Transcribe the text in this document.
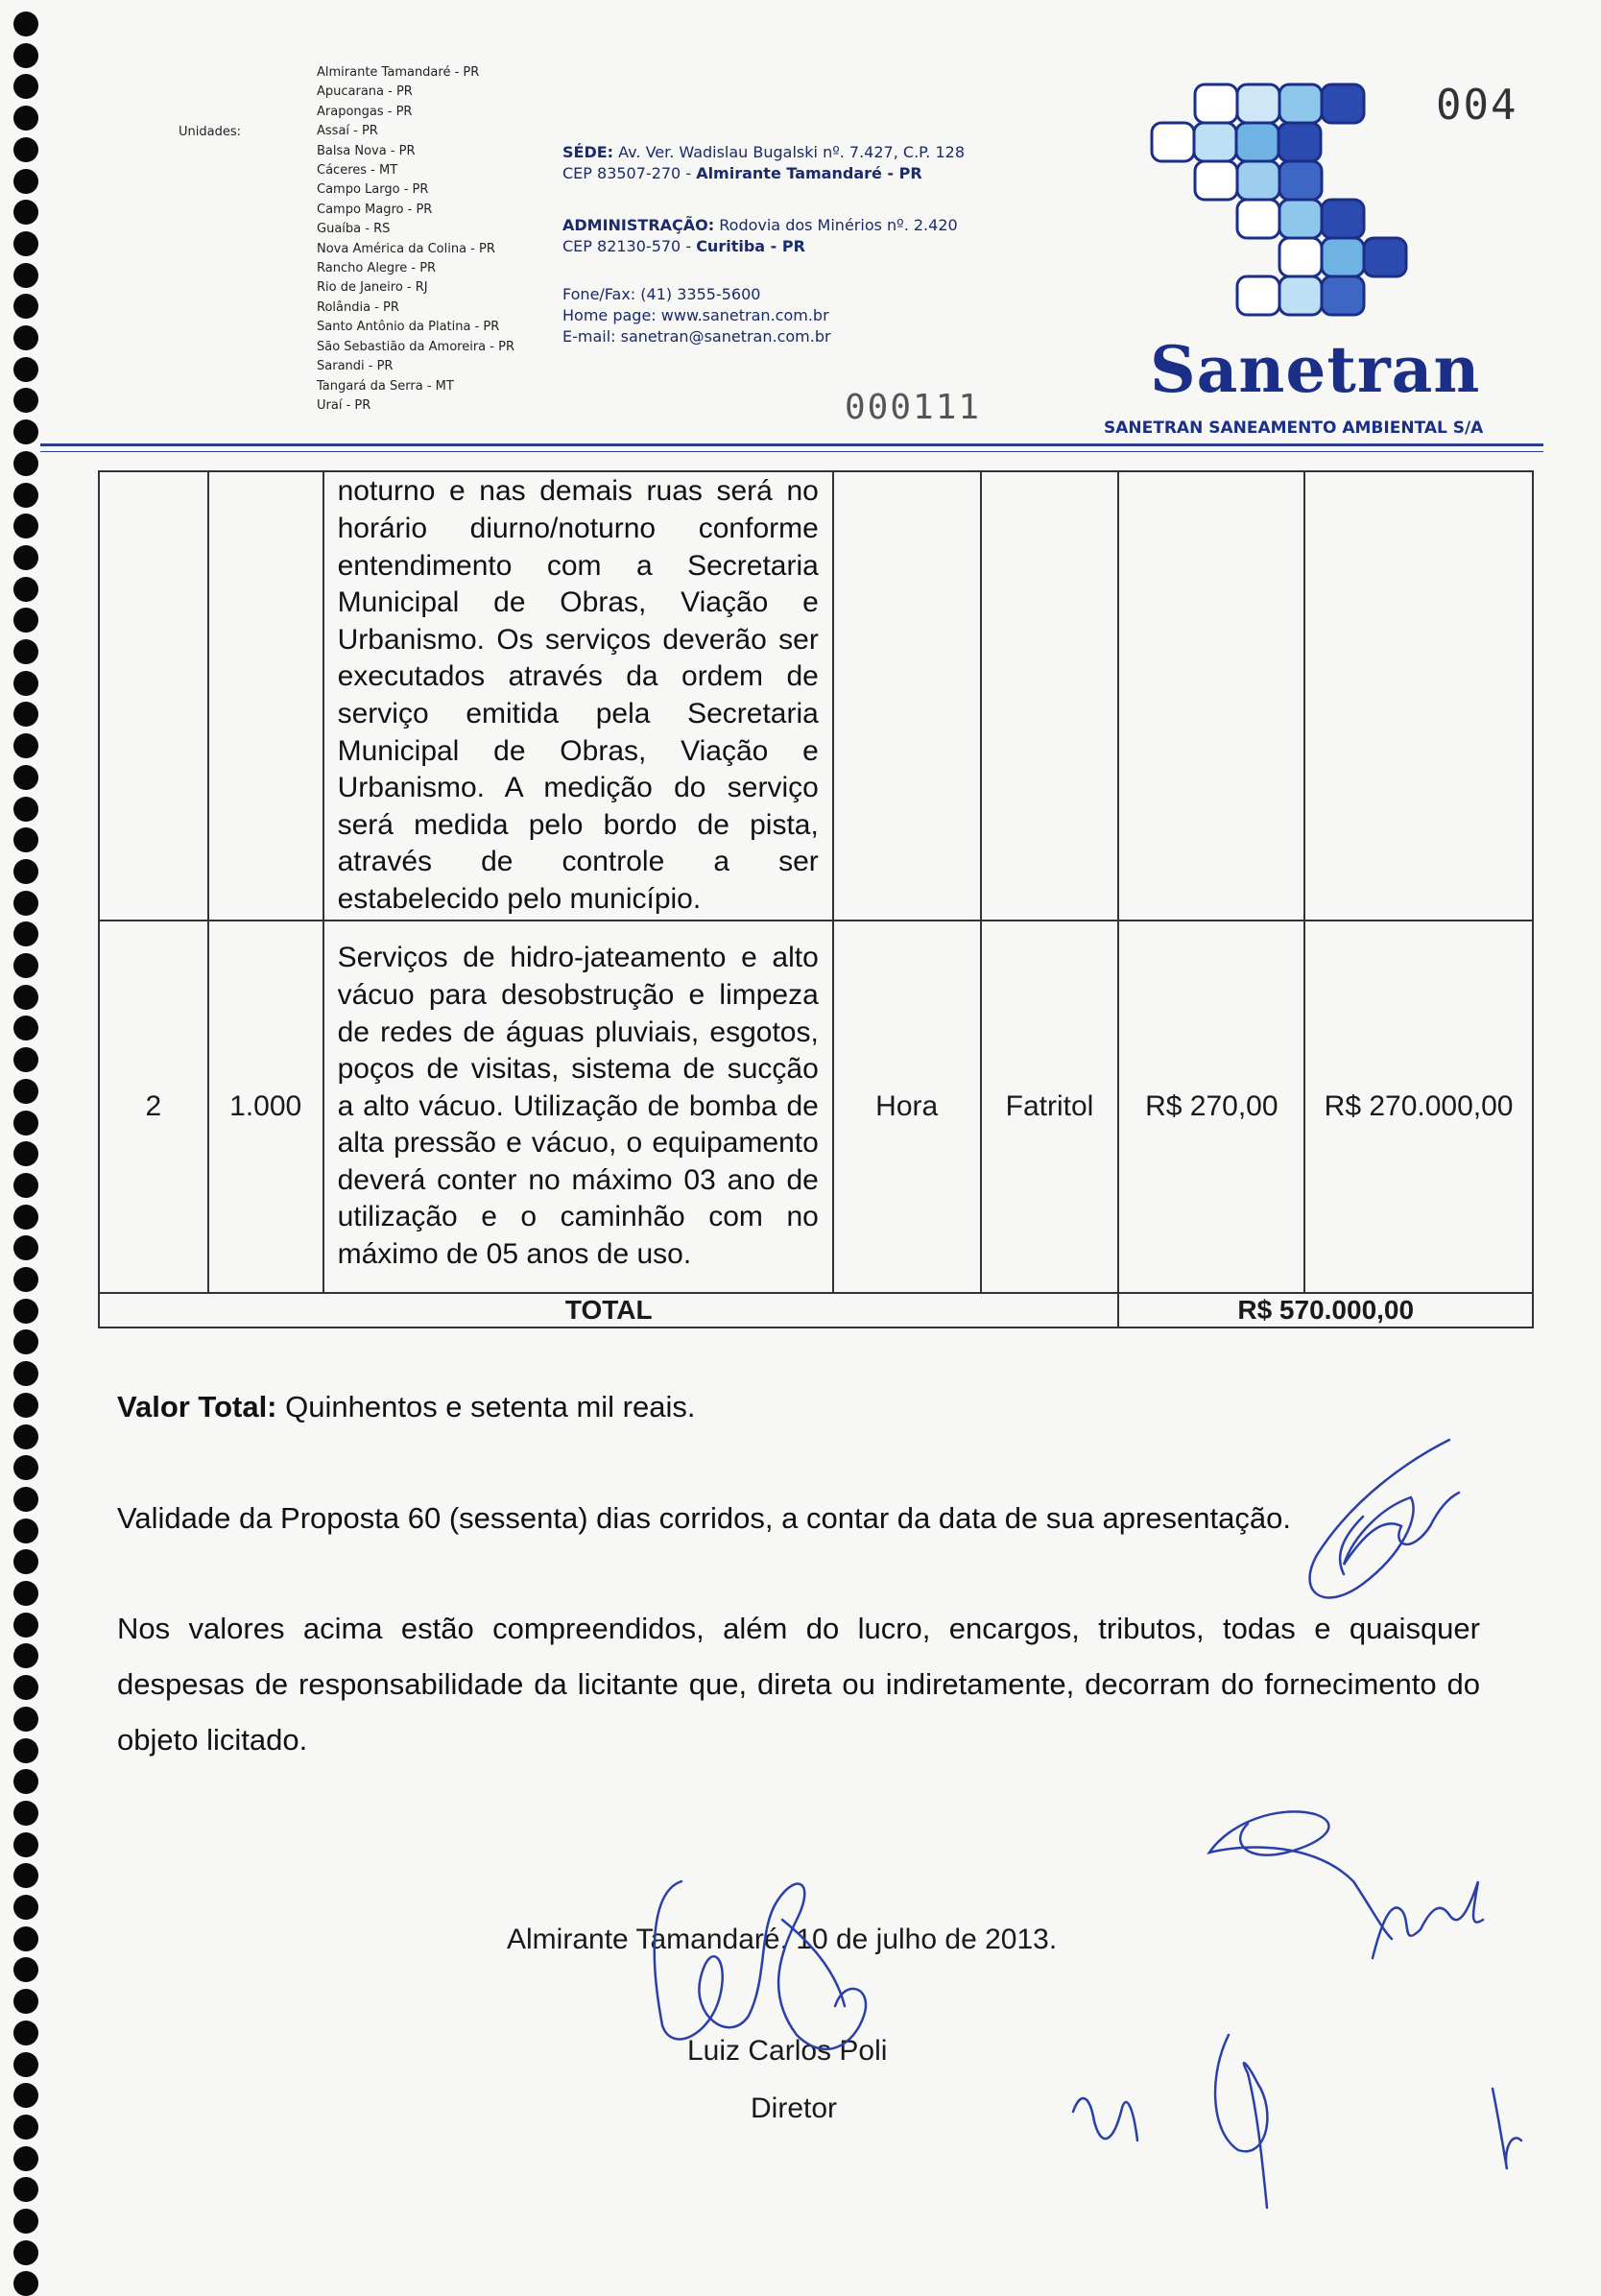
Unidades:
Almirante Tamandaré - PR
Apucarana - PR
Arapongas - PR
Assaí - PR
Balsa Nova - PR
Cáceres - MT
Campo Largo - PR
Campo Magro - PR
Guaíba - RS
Nova América da Colina - PR
Rancho Alegre - PR
Rio de Janeiro - RJ
Rolândia - PR
Santo Antônio da Platina - PR
São Sebastião da Amoreira - PR
Sarandi - PR
Tangará da Serra - MT
Uraí - PR
SÉDE: Av. Ver. Wadislau Bugalski nº. 7.427, C.P. 128
CEP 83507-270 - Almirante Tamandaré - PR
ADMINISTRAÇÃO: Rodovia dos Minérios nº. 2.420
CEP 82130-570 - Curitiba - PR
Fone/Fax: (41) 3355-5600
Home page: www.sanetran.com.br
E-mail: sanetran@sanetran.com.br
000111
004
Sanetran
SANETRAN SANEAMENTO AMBIENTAL S/A
		noturno e nas demais ruas será no horário diurno/noturno conforme entendimento com a Secretaria Municipal de Obras, Viação e Urbanismo. Os serviços deverão ser executados através da ordem de serviço emitida pela Secretaria Municipal de Obras, Viação e Urbanismo. A medição do serviço será medida pelo bordo de pista, através de controle a ser estabelecido pelo município.				
2	1.000	Serviços de hidro-jateamento e alto vácuo para desobstrução e limpeza de redes de águas pluviais, esgotos, poços de visitas, sistema de sucção a alto vácuo. Utilização de bomba de alta pressão e vácuo, o equipamento deverá conter no máximo 03 ano de utilização e o caminhão com no máximo de 05 anos de uso.	Hora	Fatritol	R$ 270,00	R$ 270.000,00
TOTAL					R$ 570.000,00	
Valor Total: Quinhentos e setenta mil reais.
Validade da Proposta 60 (sessenta) dias corridos, a contar da data de sua apresentação.
Nos valores acima estão compreendidos, além do lucro, encargos, tributos, todas e quaisquer despesas de responsabilidade da licitante que, direta ou indiretamente, decorram do fornecimento do objeto licitado.
Almirante Tamandaré, 10 de julho de 2013.
Luiz Carlos Poli
Diretor
